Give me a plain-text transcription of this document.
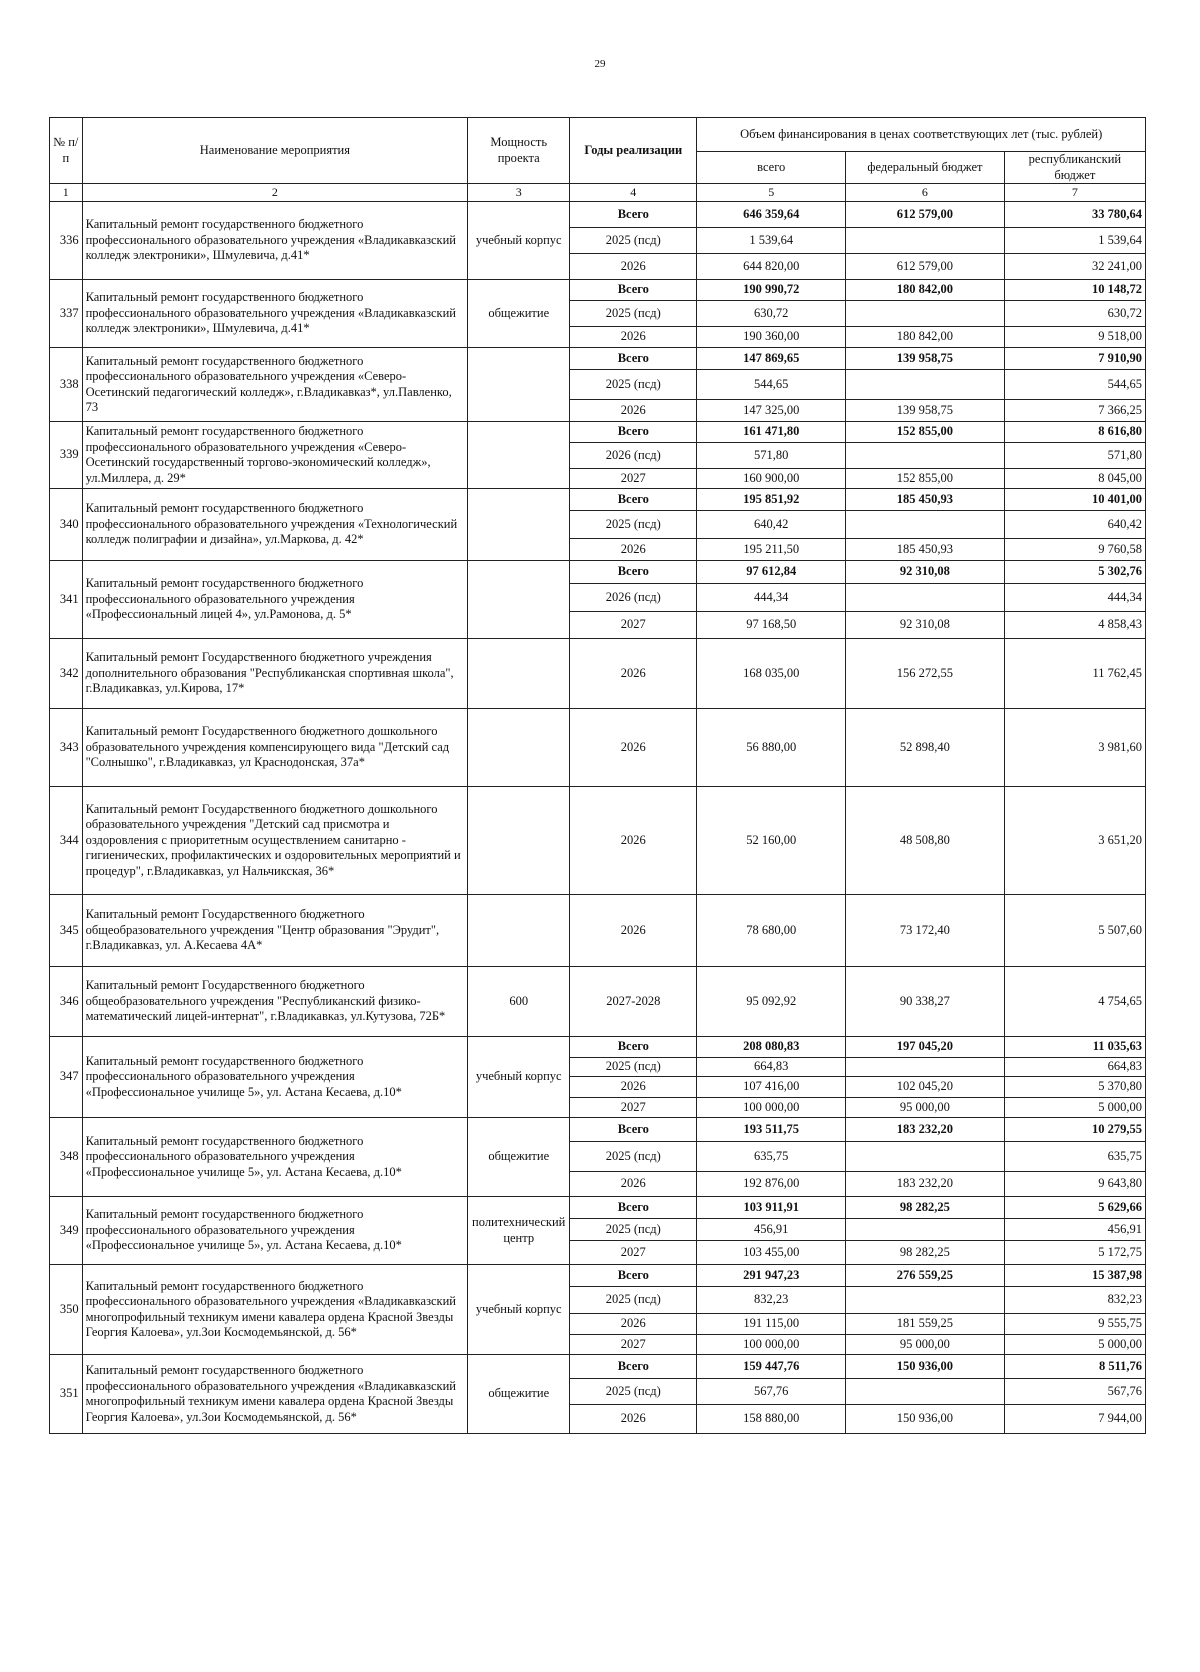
29
№ п/п	Наименование мероприятия	Мощность проекта	Годы реализации	Объем финансирования в ценах соответствующих лет (тыс. рублей)		
				всего	федеральный бюджет	республиканский бюджет
1	2	3	4	5	6	7
336	Капитальный ремонт государственного бюджетного профессионального образовательного учреждения «Владикавказский колледж электроники», Шмулевича, д.41*	учебный корпус	Всего	646 359,64	612 579,00	33 780,64
			2025 (псд)	1 539,64		1 539,64
			2026	644 820,00	612 579,00	32 241,00
337	Капитальный ремонт государственного бюджетного профессионального образовательного учреждения «Владикавказский колледж электроники», Шмулевича, д.41*	общежитие	Всего	190 990,72	180 842,00	10 148,72
			2025 (псд)	630,72		630,72
			2026	190 360,00	180 842,00	9 518,00
338	Капитальный ремонт государственного бюджетного профессионального образовательного учреждения «Северо-Осетинский педагогический колледж», г.Владикавказ*, ул.Павленко, 73		Всего	147 869,65	139 958,75	7 910,90
			2025 (псд)	544,65		544,65
			2026	147 325,00	139 958,75	7 366,25
339	Капитальный ремонт государственного бюджетного профессионального образовательного учреждения «Северо-Осетинский государственный торгово-экономический колледж», ул.Миллера, д. 29*		Всего	161 471,80	152 855,00	8 616,80
			2026 (псд)	571,80		571,80
			2027	160 900,00	152 855,00	8 045,00
340	Капитальный ремонт государственного бюджетного профессионального образовательного учреждения «Технологический колледж полиграфии и дизайна», ул.Маркова, д. 42*		Всего	195 851,92	185 450,93	10 401,00
			2025 (псд)	640,42		640,42
			2026	195 211,50	185 450,93	9 760,58
341	Капитальный ремонт государственного бюджетного профессионального образовательного учреждения «Профессиональный лицей 4», ул.Рамонова, д. 5*		Всего	97 612,84	92 310,08	5 302,76
			2026 (псд)	444,34		444,34
			2027	97 168,50	92 310,08	4 858,43
342	Капитальный ремонт Государственного бюджетного учреждения дополнительного образования "Республиканская спортивная школа", г.Владикавказ, ул.Кирова, 17*		2026	168 035,00	156 272,55	11 762,45
343	Капитальный ремонт Государственного бюджетного дошкольного образовательного учреждения компенсирующего вида "Детский сад "Солнышко", г.Владикавказ, ул Краснодонская, 37а*		2026	56 880,00	52 898,40	3 981,60
344	Капитальный ремонт Государственного бюджетного дошкольного образовательного учреждения "Детский сад присмотра и оздоровления с приоритетным осуществлением санитарно - гигиенических, профилактических и оздоровительных мероприятий и процедур", г.Владикавказ, ул Нальчикская, 36*		2026	52 160,00	48 508,80	3 651,20
345	Капитальный ремонт Государственного бюджетного общеобразовательного учреждения "Центр образования "Эрудит", г.Владикавказ, ул. А.Кесаева 4А*		2026	78 680,00	73 172,40	5 507,60
346	Капитальный ремонт Государственного бюджетного общеобразовательного учреждения "Республиканский физико-математический лицей-интернат", г.Владикавказ, ул.Кутузова, 72Б*	600	2027-2028	95 092,92	90 338,27	4 754,65
347	Капитальный ремонт государственного бюджетного профессионального образовательного учреждения «Профессиональное училище 5», ул. Астана Кесаева, д.10*	учебный корпус	Всего	208 080,83	197 045,20	11 035,63
			2025 (псд)	664,83		664,83
			2026	107 416,00	102 045,20	5 370,80
			2027	100 000,00	95 000,00	5 000,00
348	Капитальный ремонт государственного бюджетного профессионального образовательного учреждения «Профессиональное училище 5», ул. Астана Кесаева, д.10*	общежитие	Всего	193 511,75	183 232,20	10 279,55
			2025 (псд)	635,75		635,75
			2026	192 876,00	183 232,20	9 643,80
349	Капитальный ремонт государственного бюджетного профессионального образовательного учреждения «Профессиональное училище 5», ул. Астана Кесаева, д.10*	политехнический центр	Всего	103 911,91	98 282,25	5 629,66
			2025 (псд)	456,91		456,91
			2027	103 455,00	98 282,25	5 172,75
350	Капитальный ремонт государственного бюджетного профессионального образовательного учреждения «Владикавказский многопрофильный техникум имени кавалера ордена Красной Звезды Георгия Калоева», ул.Зои Космодемьянской, д. 56*	учебный корпус	Всего	291 947,23	276 559,25	15 387,98
			2025 (псд)	832,23		832,23
			2026	191 115,00	181 559,25	9 555,75
			2027	100 000,00	95 000,00	5 000,00
351	Капитальный ремонт государственного бюджетного профессионального образовательного учреждения «Владикавказский многопрофильный техникум имени кавалера ордена Красной Звезды Георгия Калоева», ул.Зои Космодемьянской, д. 56*	общежитие	Всего	159 447,76	150 936,00	8 511,76
			2025 (псд)	567,76		567,76
			2026	158 880,00	150 936,00	7 944,00
